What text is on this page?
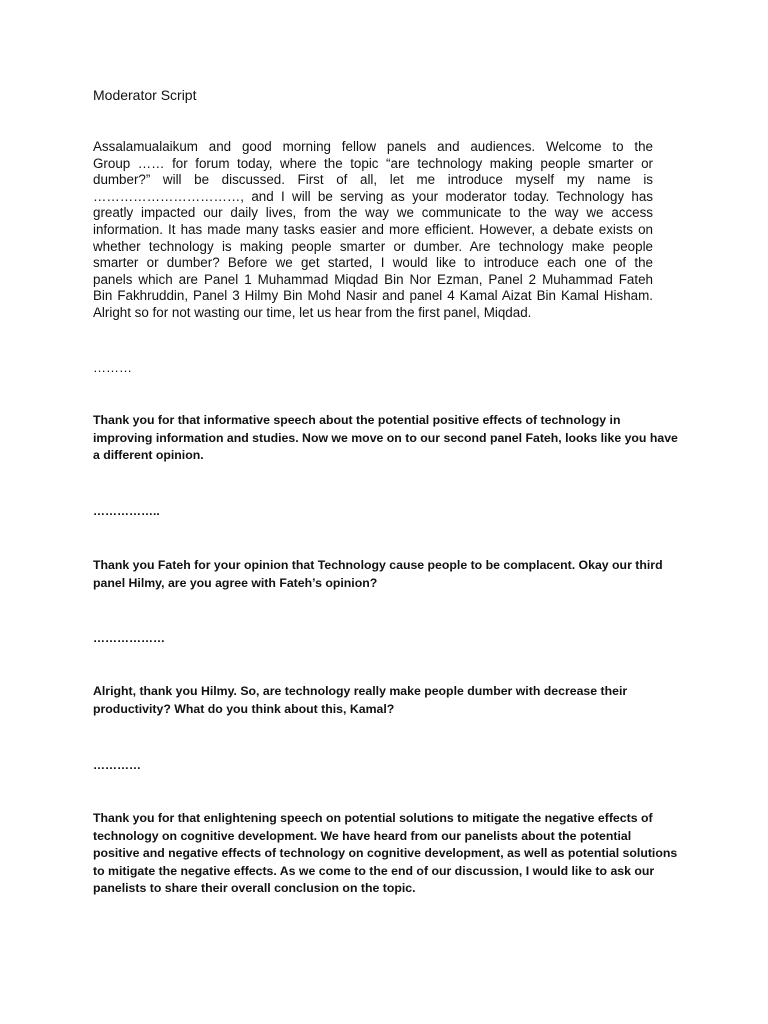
Moderator Script
Assalamualaikum and good morning fellow panels and audiences. Welcome to the
Group …… for forum today, where the topic “are technology making people smarter or
dumber?” will be discussed. First of all, let me introduce myself my name is
……………………………, and I will be serving as your moderator today. Technology has
greatly impacted our daily lives, from the way we communicate to the way we access
information. It has made many tasks easier and more efficient. However, a debate exists on
whether technology is making people smarter or dumber. Are technology make people
smarter or dumber? Before we get started, I would like to introduce each one of the
panels which are Panel 1 Muhammad Miqdad Bin Nor Ezman, Panel 2 Muhammad Fateh
Bin Fakhruddin, Panel 3 Hilmy Bin Mohd Nasir and panel 4 Kamal Aizat Bin Kamal Hisham.
Alright so for not wasting our time, let us hear from the first panel, Miqdad.
………
Thank you for that informative speech about the potential positive effects of technology in
improving information and studies. Now we move on to our second panel Fateh, looks like you have
a different opinion.
……………..
Thank you Fateh for your opinion that Technology cause people to be complacent. Okay our third
panel Hilmy, are you agree with Fateh’s opinion?
………………
Alright, thank you Hilmy. So, are technology really make people dumber with decrease their
productivity? What do you think about this, Kamal?
…………
Thank you for that enlightening speech on potential solutions to mitigate the negative effects of
technology on cognitive development. We have heard from our panelists about the potential
positive and negative effects of technology on cognitive development, as well as potential solutions
to mitigate the negative effects. As we come to the end of our discussion, I would like to ask our
panelists to share their overall conclusion on the topic.
